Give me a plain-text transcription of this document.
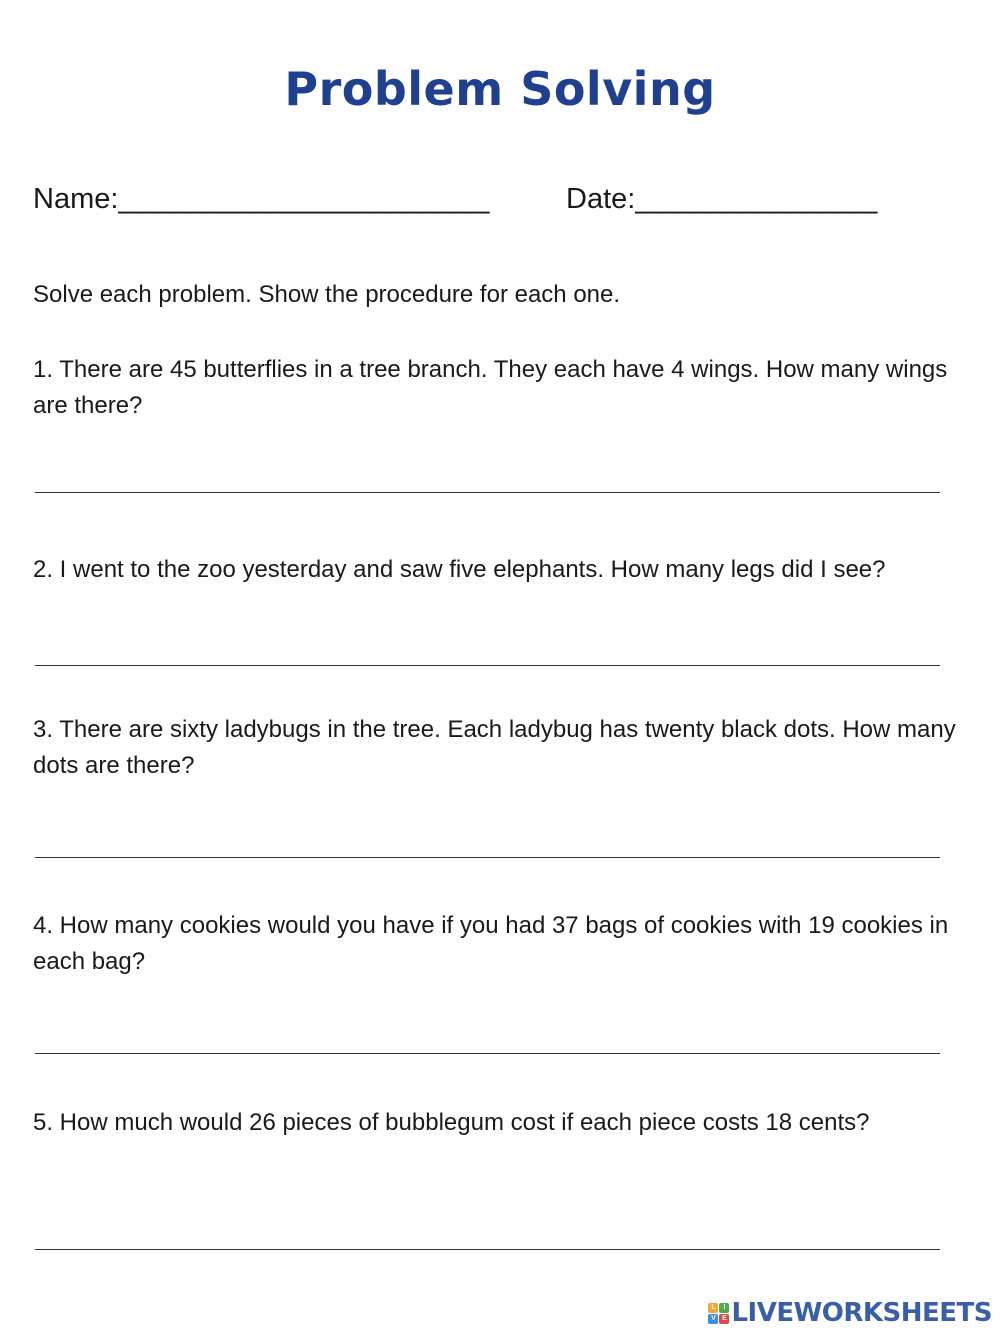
Problem Solving
Name:_______________________	Date:_______________
Solve each problem. Show the procedure for each one.
1. There are 45 butterflies in a tree branch. They each have 4 wings. How many wings are there?
2. I went to the zoo yesterday and saw five elephants. How many legs did I see?
3. There are sixty ladybugs in the tree. Each ladybug has twenty black dots. How many dots are there?
4. How many cookies would you have if you had 37 bags of cookies with 19 cookies in each bag?
5. How much would 26 pieces of bubblegum cost if each piece costs 18 cents?
L	I
V E LIVEWORKSHEETS
